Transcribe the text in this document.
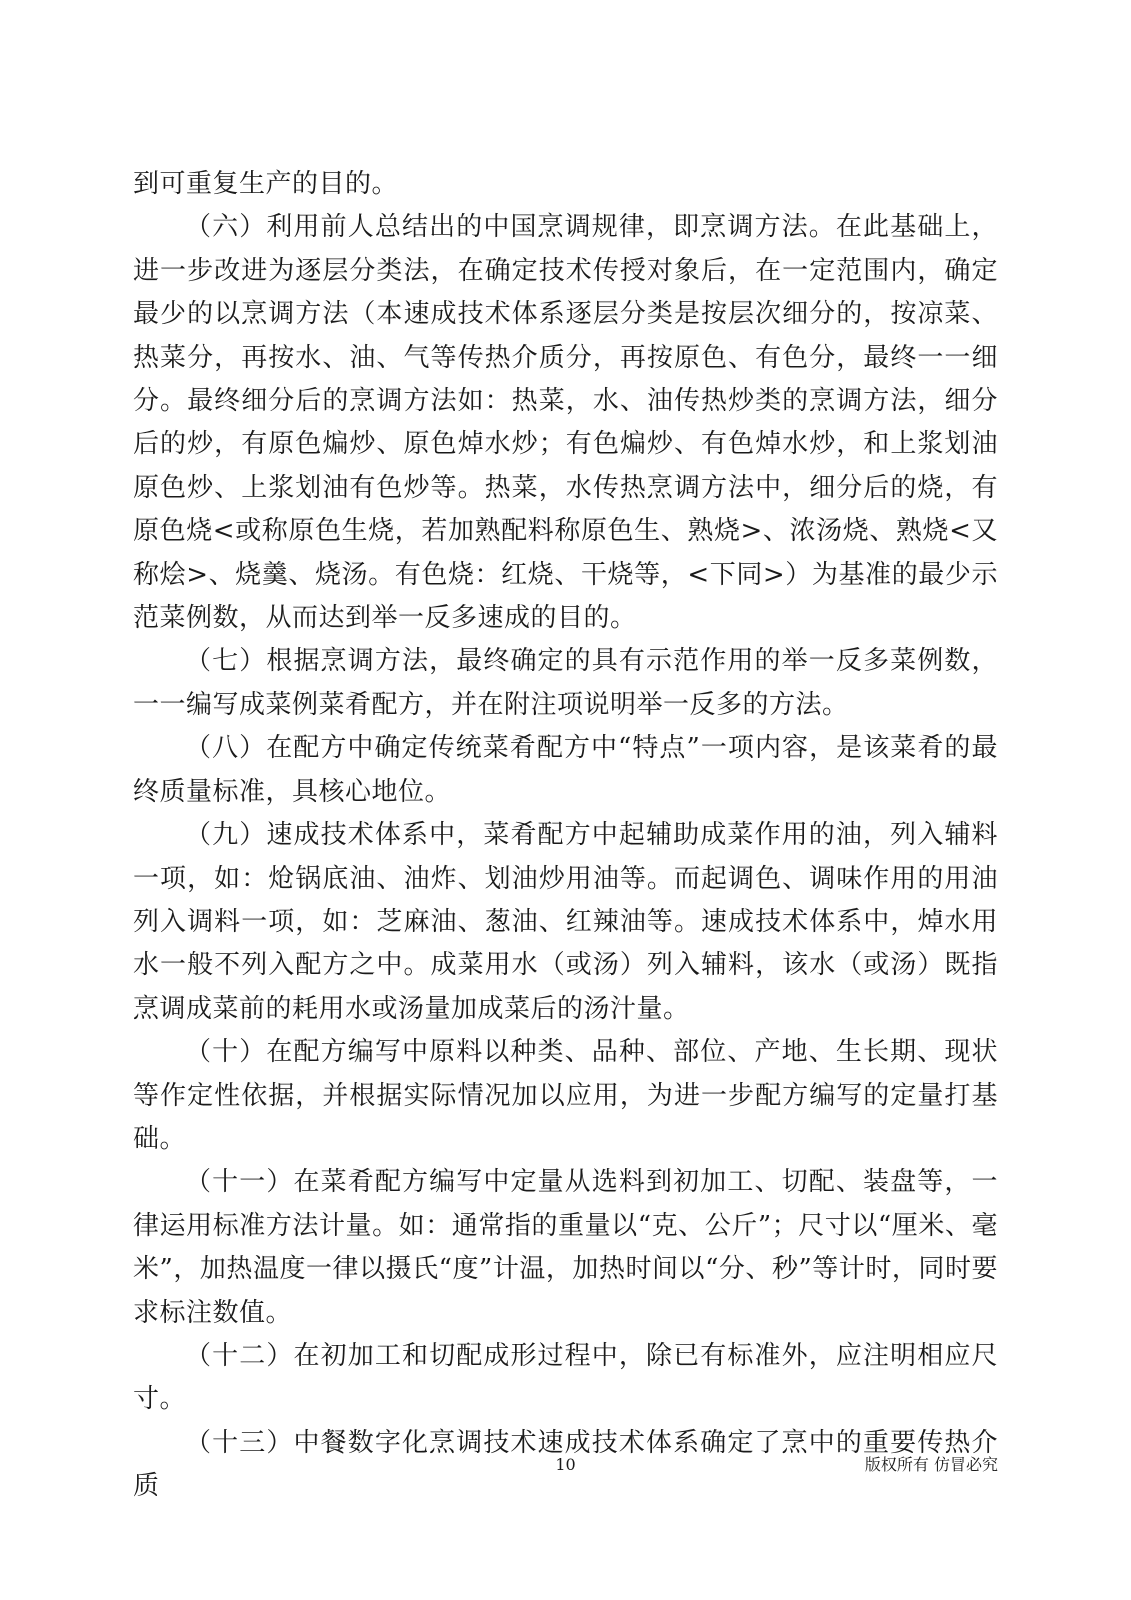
到可重复生产的目的。

（六）利用前人总结出的中国烹调规律，即烹调方法。在此基础上，进一步改进为逐层分类法，在确定技术传授对象后，在一定范围内，确定最少的以烹调方法（本速成技术体系逐层分类是按层次细分的，按凉菜、热菜分，再按水、油、气等传热介质分，再按原色、有色分，最终一一细分。最终细分后的烹调方法如：热菜，水、油传热炒类的烹调方法，细分后的炒，有原色煸炒、原色焯水炒；有色煸炒、有色焯水炒，和上浆划油原色炒、上浆划油有色炒等。热菜，水传热烹调方法中，细分后的烧，有原色烧<或称原色生烧，若加熟配料称原色生、熟烧>、浓汤烧、熟烧<又称烩>、烧羹、烧汤。有色烧：红烧、干烧等，<下同>）为基准的最少示范菜例数，从而达到举一反多速成的目的。

（七）根据烹调方法，最终确定的具有示范作用的举一反多菜例数，一一编写成菜例菜肴配方，并在附注项说明举一反多的方法。

（八）在配方中确定传统菜肴配方中“特点”一项内容，是该菜肴的最终质量标准，具核心地位。

（九）速成技术体系中，菜肴配方中起辅助成菜作用的油，列入辅料一项，如：炝锅底油、油炸、划油炒用油等。而起调色、调味作用的用油列入调料一项，如：芝麻油、葱油、红辣油等。速成技术体系中，焯水用水一般不列入配方之中。成菜用水（或汤）列入辅料，该水（或汤）既指烹调成菜前的耗用水或汤量加成菜后的汤汁量。

（十）在配方编写中原料以种类、品种、部位、产地、生长期、现状等作定性依据，并根据实际情况加以应用，为进一步配方编写的定量打基础。

（十一）在菜肴配方编写中定量从选料到初加工、切配、装盘等，一律运用标准方法计量。如：通常指的重量以“克、公斤”；尺寸以“厘米、毫米”，加热温度一律以摄氏“度”计温，加热时间以“分、秒”等计时，同时要求标注数值。

（十二）在初加工和切配成形过程中，除已有标准外，应注明相应尺寸。

（十三）中餐数字化烹调技术速成技术体系确定了烹中的重要传热介质

10	版权所有 仿冒必究
